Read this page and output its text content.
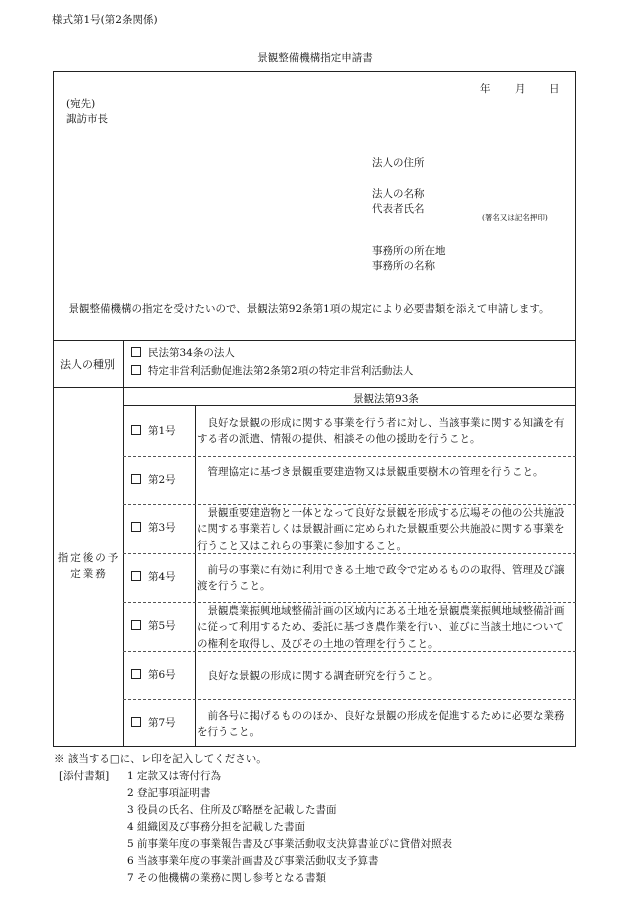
様式第1号(第2条関係)
景観整備機構指定申請書
年 月 日
(宛先)
諏訪市長
法人の住所
法人の名称
代表者氏名
(署名又は記名押印)
事務所の所在地
事務所の名称
景観整備機構の指定を受けたいので、景観法第92条第1項の規定により必要書類を添えて申請します。
法人の種別
民法第34条の法人
特定非営利活動促進法第2条第2項の特定非営利活動法人
指定後の予定業務
景観法第93条
第1号
良好な景観の形成に関する事業を行う者に対し、当該事業に関する知識を有する者の派遣、情報の提供、相談その他の援助を行うこと。
第2号
管理協定に基づき景観重要建造物又は景観重要樹木の管理を行うこと。
第3号
景観重要建造物と一体となって良好な景観を形成する広場その他の公共施設に関する事業若しくは景観計画に定められた景観重要公共施設に関する事業を行うこと又はこれらの事業に参加すること。
第4号
前号の事業に有効に利用できる土地で政令で定めるものの取得、管理及び譲渡を行うこと。
第5号
景観農業振興地域整備計画の区域内にある土地を景観農業振興地域整備計画に従って利用するため、委託に基づき農作業を行い、並びに当該土地についての権利を取得し、及びその土地の管理を行うこと。
第6号	良好な景観の形成に関する調査研究を行うこと。
第7号
前各号に掲げるもののほか、良好な景観の形成を促進するために必要な業務を行うこと。
※ 該当する□に、レ印を記入してください。
[添付書類] 1 定款又は寄付行為
2 登記事項証明書
3 役員の氏名、住所及び略歴を記載した書面
4 組織図及び事務分担を記載した書面
5 前事業年度の事業報告書及び事業活動収支決算書並びに貸借対照表
6 当該事業年度の事業計画書及び事業活動収支予算書
7 その他機構の業務に関し参考となる書類
